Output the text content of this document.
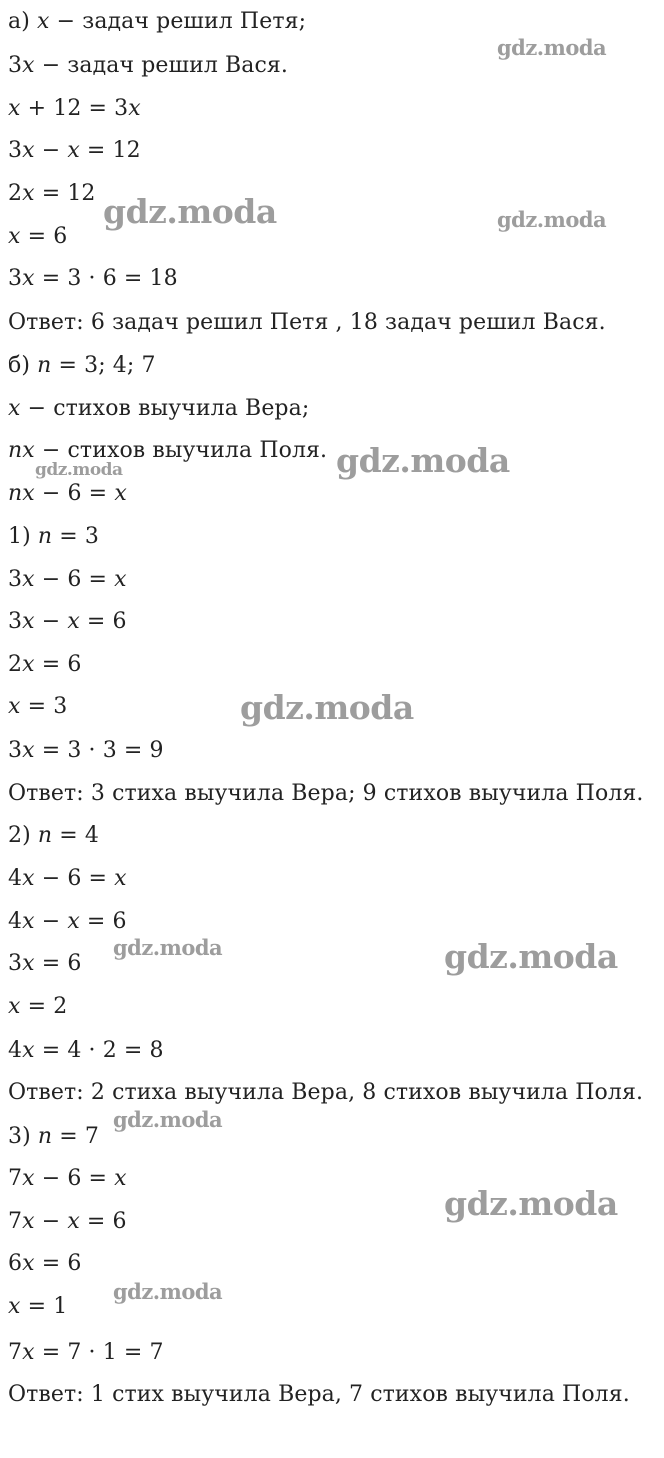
а) 𝑥 − задач решил Петя;
3𝑥 − задач решил Вася.
𝑥 + 12 = 3𝑥
3𝑥 − 𝑥 = 12
2𝑥 = 12
𝑥 = 6
3𝑥 = 3 · 6 = 18
Ответ: 6 задач решил Петя , 18 задач решил Вася.
б) 𝑛 = 3; 4; 7
𝑥 − стихов выучила Вера;
𝑛𝑥 − стихов выучила Поля.
𝑛𝑥 − 6 = 𝑥
1) 𝑛 = 3
3𝑥 − 6 = 𝑥
3𝑥 − 𝑥 = 6
2𝑥 = 6
𝑥 = 3
3𝑥 = 3 · 3 = 9
Ответ: 3 стиха выучила Вера; 9 стихов выучила Поля.
2) 𝑛 = 4
4𝑥 − 6 = 𝑥
4𝑥 − 𝑥 = 6
3𝑥 = 6
𝑥 = 2
4𝑥 = 4 · 2 = 8
Ответ: 2 стиха выучила Вера, 8 стихов выучила Поля.
3) 𝑛 = 7
7𝑥 − 6 = 𝑥
7𝑥 − 𝑥 = 6
6𝑥 = 6
𝑥 = 1
7𝑥 = 7 · 1 = 7
Ответ: 1 стих выучила Вера, 7 стихов выучила Поля.
gdz.moda
gdz.moda	gdz.moda
gdz.moda
gdz.moda
gdz.moda
gdz.moda	gdz.moda
gdz.moda
gdz.moda
gdz.moda
